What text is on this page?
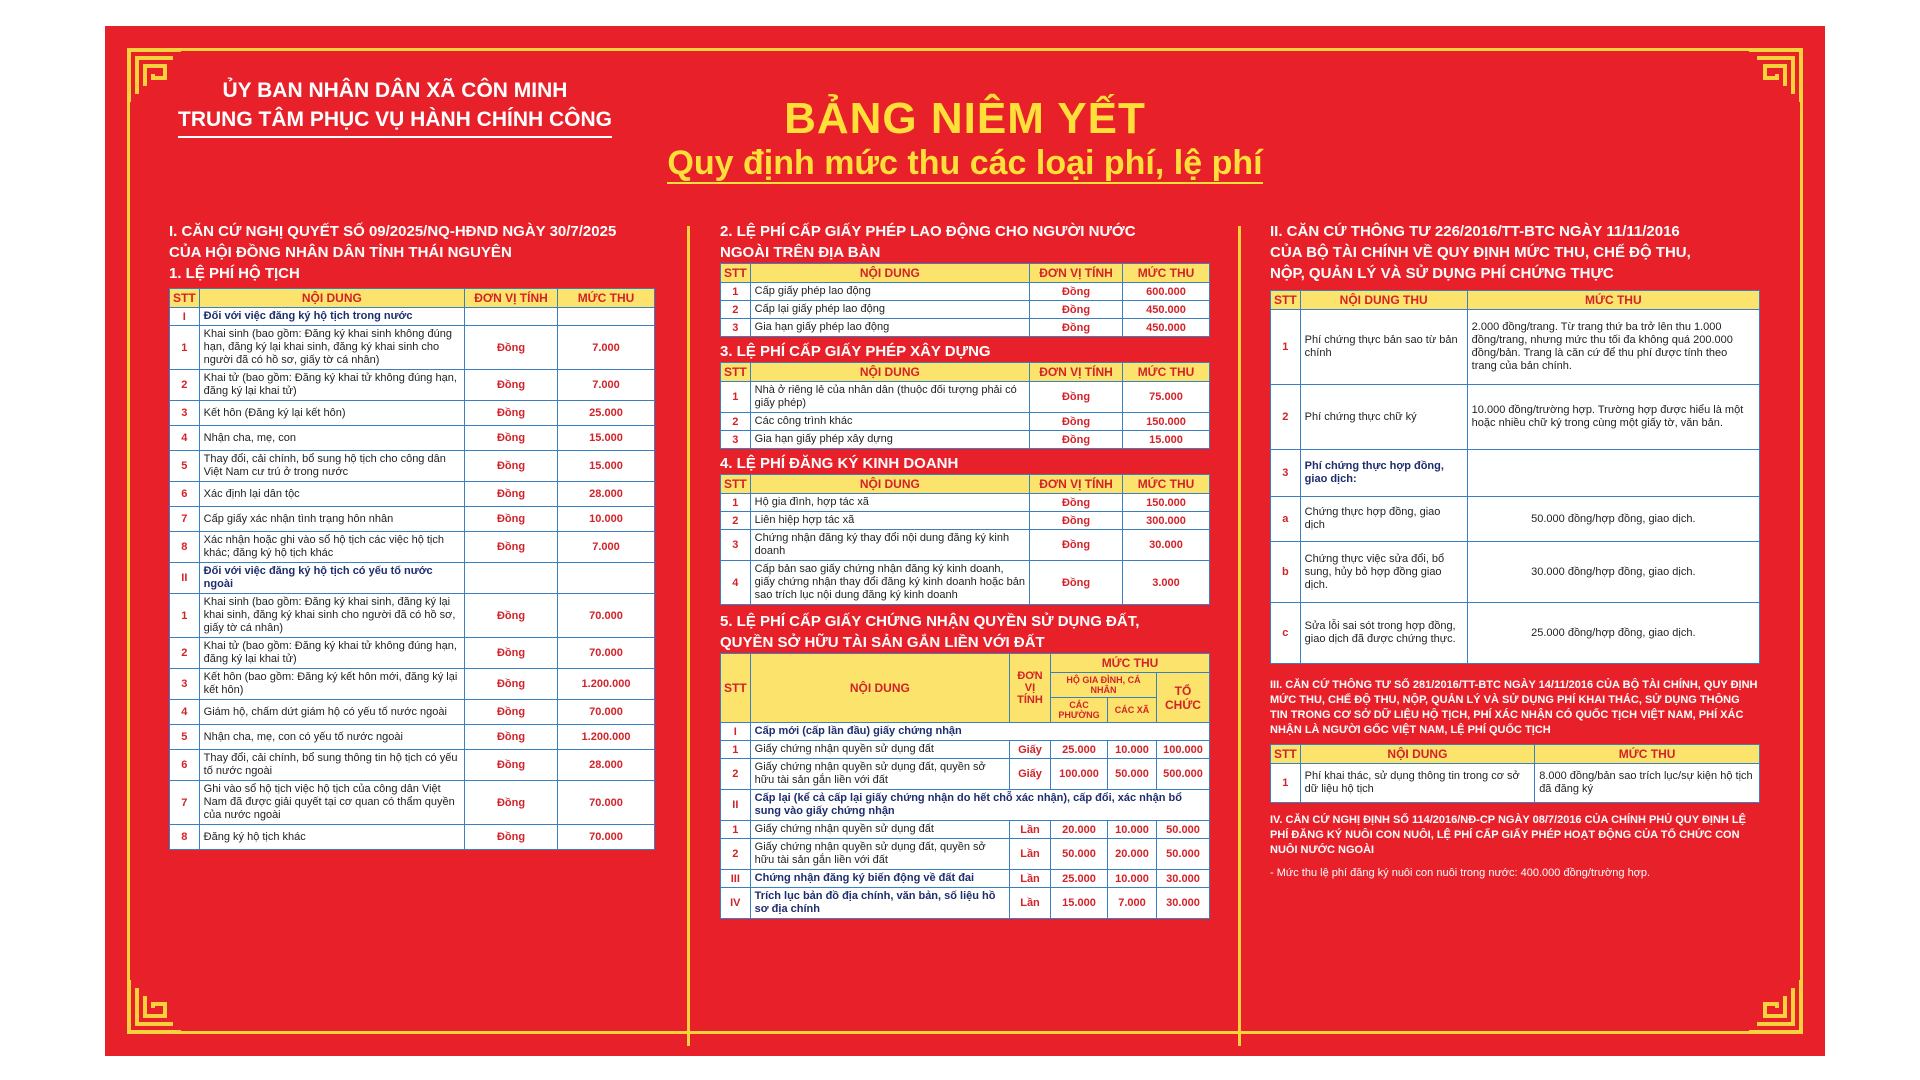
ỦY BAN NHÂN DÂN XÃ CÔN MINH
TRUNG TÂM PHỤC VỤ HÀNH CHÍNH CÔNG	BẢNG NIÊM YẾT
Quy định mức thu các loại phí, lệ phí
I. CĂN CỨ NGHỊ QUYẾT SỐ 09/2025/NQ-HĐND NGÀY 30/7/2025
CỦA HỘI ĐỒNG NHÂN DÂN TỈNH THÁI NGUYÊN
1. LỆ PHÍ HỘ TỊCH
STT	NỘI DUNG	ĐƠN VỊ TÍNH	MỨC THU
I	Đối với việc đăng ký hộ tịch trong nước		
1	Khai sinh (bao gồm: Đăng ký khai sinh không đúng hạn, đăng ký lại khai sinh, đăng ký khai sinh cho người đã có hồ sơ, giấy tờ cá nhân)	Đồng	7.000
2	Khai tử (bao gồm: Đăng ký khai tử không đúng hạn, đăng ký lại khai tử)	Đồng	7.000
3	Kết hôn (Đăng ký lại kết hôn)	Đồng	25.000
4	Nhận cha, mẹ, con	Đồng	15.000
5	Thay đổi, cải chính, bổ sung hộ tịch cho công dân Việt Nam cư trú ở trong nước	Đồng	15.000
6	Xác định lại dân tộc	Đồng	28.000
7	Cấp giấy xác nhận tình trạng hôn nhân	Đồng	10.000
8	Xác nhận hoặc ghi vào sổ hộ tịch các việc hộ tịch khác; đăng ký hộ tịch khác	Đồng	7.000
II	Đối với việc đăng ký hộ tịch có yếu tố nước ngoài		
1	Khai sinh (bao gồm: Đăng ký khai sinh, đăng ký lại khai sinh, đăng ký khai sinh cho người đã có hồ sơ, giấy tờ cá nhân)	Đồng	70.000
2	Khai tử (bao gồm: Đăng ký khai tử không đúng hạn, đăng ký lại khai tử)	Đồng	70.000
3	Kết hôn (bao gồm: Đăng ký kết hôn mới, đăng ký lại kết hôn)	Đồng	1.200.000
4	Giám hộ, chấm dứt giám hộ có yếu tố nước ngoài	Đồng	70.000
5	Nhận cha, mẹ, con có yếu tố nước ngoài	Đồng	1.200.000
6	Thay đổi, cải chính, bổ sung thông tin hộ tịch có yếu tố nước ngoài	Đồng	28.000
7	Ghi vào sổ hộ tịch việc hộ tịch của công dân Việt Nam đã được giải quyết tại cơ quan có thẩm quyền của nước ngoài	Đồng	70.000
8	Đăng ký hộ tịch khác	Đồng	70.000
2. LỆ PHÍ CẤP GIẤY PHÉP LAO ĐỘNG CHO NGƯỜI NƯỚC
NGOÀI TRÊN ĐỊA BÀN
STT	NỘI DUNG	ĐƠN VỊ TÍNH	MỨC THU
1	Cấp giấy phép lao động	Đồng	600.000
2	Cấp lại giấy phép lao động	Đồng	450.000
3	Gia hạn giấy phép lao động	Đồng	450.000
3. LỆ PHÍ CẤP GIẤY PHÉP XÂY DỰNG
STT	NỘI DUNG	ĐƠN VỊ TÍNH	MỨC THU
1	Nhà ở riêng lẻ của nhân dân (thuộc đối tượng phải có giấy phép)	Đồng	75.000
2	Các công trình khác	Đồng	150.000
3	Gia hạn giấy phép xây dựng	Đồng	15.000
4. LỆ PHÍ ĐĂNG KÝ KINH DOANH
STT	NỘI DUNG	ĐƠN VỊ TÍNH	MỨC THU
1	Hộ gia đình, hợp tác xã	Đồng	150.000
2	Liên hiệp hợp tác xã	Đồng	300.000
3	Chứng nhận đăng ký thay đổi nội dung đăng ký kinh doanh	Đồng	30.000
4	Cấp bản sao giấy chứng nhận đăng ký kinh doanh, giấy chứng nhận thay đổi đăng ký kinh doanh hoặc bản sao trích lục nội dung đăng ký kinh doanh	Đồng	3.000
5. LỆ PHÍ CẤP GIẤY CHỨNG NHẬN QUYỀN SỬ DỤNG ĐẤT,
QUYỀN SỞ HỮU TÀI SẢN GẮN LIỀN VỚI ĐẤT
STT	NỘI DUNG	ĐƠN VỊ TÍNH	MỨC THU		
			HỘ GIA ĐÌNH, CÁ NHÂN		TỔ CHỨC
			CÁC PHƯỜNG	CÁC XÃ	
I	Cấp mới (cấp lần đầu) giấy chứng nhận				
1	Giấy chứng nhận quyền sử dụng đất	Giấy	25.000	10.000	100.000
2	Giấy chứng nhận quyền sử dụng đất, quyền sở hữu tài sản gắn liền với đất	Giấy	100.000	50.000	500.000
II	Cấp lại (kể cả cấp lại giấy chứng nhận do hết chỗ xác nhận), cấp đổi, xác nhận bổ sung vào giấy chứng nhận				
1	Giấy chứng nhận quyền sử dụng đất	Lần	20.000	10.000	50.000
2	Giấy chứng nhận quyền sử dụng đất, quyền sở hữu tài sản gắn liền với đất	Lần	50.000	20.000	50.000
III	Chứng nhận đăng ký biến động về đất đai	Lần	25.000	10.000	30.000
IV	Trích lục bản đồ địa chính, văn bản, số liệu hồ sơ địa chính	Lần	15.000	7.000	30.000
II. CĂN CỨ THÔNG TƯ 226/2016/TT-BTC NGÀY 11/11/2016
CỦA BỘ TÀI CHÍNH VỀ QUY ĐỊNH MỨC THU, CHẾ ĐỘ THU,
NỘP, QUẢN LÝ VÀ SỬ DỤNG PHÍ CHỨNG THỰC
STT	NỘI DUNG THU	MỨC THU
1	Phí chứng thực bản sao từ bản chính	2.000 đồng/trang. Từ trang thứ ba trở lên thu 1.000 đồng/trang, nhưng mức thu tối đa không quá 200.000 đồng/bản. Trang là căn cứ để thu phí được tính theo trang của bản chính.
2	Phí chứng thực chữ ký	10.000 đồng/trường hợp. Trường hợp được hiểu là một hoặc nhiều chữ ký trong cùng một giấy tờ, văn bản.
3	Phí chứng thực hợp đồng, giao dịch:	
a	Chứng thực hợp đồng, giao dịch	50.000 đồng/hợp đồng, giao dịch.
b	Chứng thực việc sửa đổi, bổ sung, hủy bỏ hợp đồng giao dịch.	30.000 đồng/hợp đồng, giao dịch.
c	Sửa lỗi sai sót trong hợp đồng, giao dịch đã được chứng thực.	25.000 đồng/hợp đồng, giao dịch.
III. CĂN CỨ THÔNG TƯ SỐ 281/2016/TT-BTC NGÀY 14/11/2016 CỦA BỘ TÀI CHÍNH, QUY ĐỊNH MỨC THU, CHẾ ĐỘ THU, NỘP, QUẢN LÝ VÀ SỬ DỤNG PHÍ KHAI THÁC, SỬ DỤNG THÔNG TIN TRONG CƠ SỞ DỮ LIỆU HỘ TỊCH, PHÍ XÁC NHẬN CÓ QUỐC TỊCH VIỆT NAM, PHÍ XÁC NHẬN LÀ NGƯỜI GỐC VIỆT NAM, LỆ PHÍ QUỐC TỊCH
STT	NỘI DUNG	MỨC THU
1	Phí khai thác, sử dụng thông tin trong cơ sở dữ liệu hộ tịch	8.000 đồng/bản sao trích lục/sự kiện hộ tịch đã đăng ký
IV. CĂN CỨ NGHỊ ĐỊNH SỐ 114/2016/NĐ-CP NGÀY 08/7/2016 CỦA CHÍNH PHỦ QUY ĐỊNH LỆ PHÍ ĐĂNG KÝ NUÔI CON NUÔI, LỆ PHÍ CẤP GIẤY PHÉP HOẠT ĐỘNG CỦA TỔ CHỨC CON NUÔI NƯỚC NGOÀI
- Mức thu lệ phí đăng ký nuôi con nuôi trong nước: 400.000 đồng/trường hợp.
